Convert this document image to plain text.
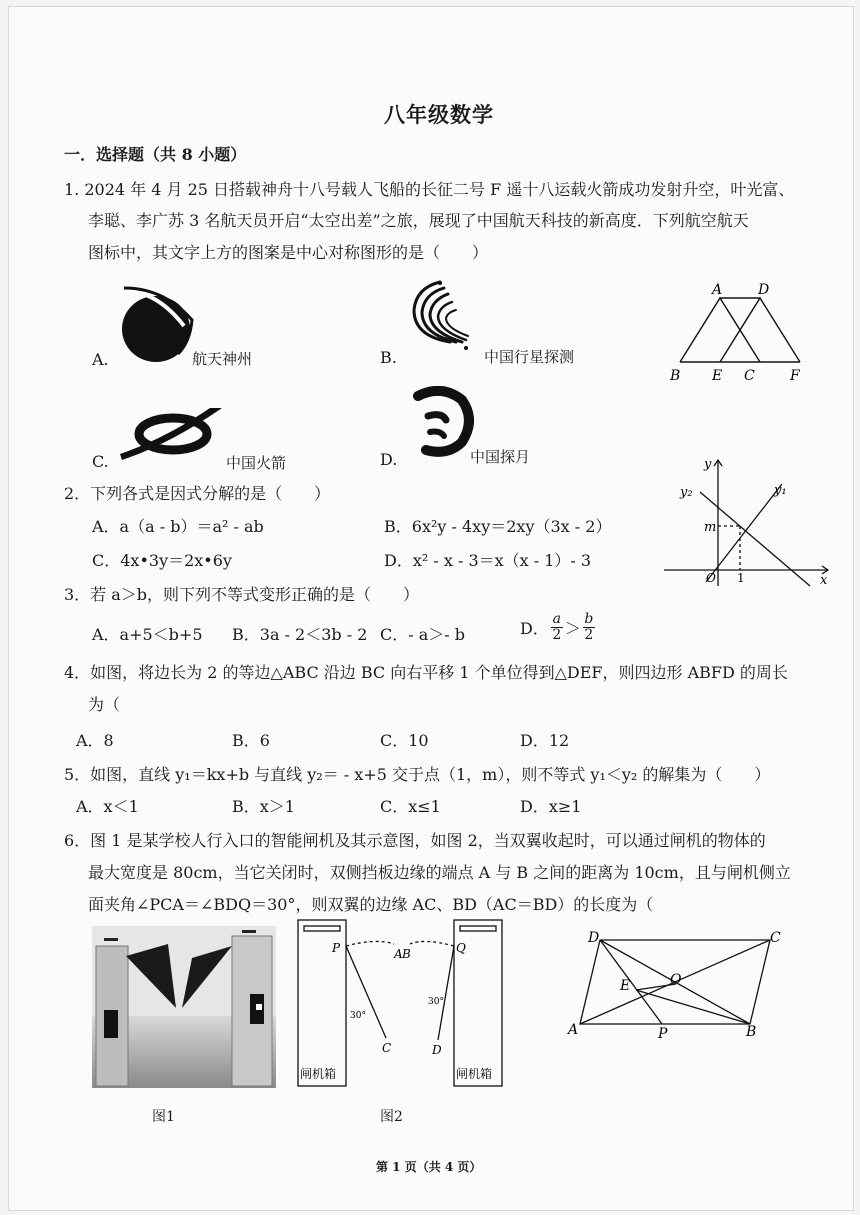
八年级数学
一．选择题（共 8 小题）
1. 2024 年 4 月 25 日搭载神舟十八号载人飞船的长征二号 F 遥十八运载火箭成功发射升空，叶光富、
李聪、李广苏 3 名航天员开启“太空出差”之旅，展现了中国航天科技的新高度．下列航空航天
图标中，其文字上方的图案是中心对称图形的是（　　）
A.	航天神州	B.	中国行星探测
C.	中国火箭	D.	中国探月
A	D
B E C	F
2．下列各式是因式分解的是（　　）
A．a（a - b）＝a² - ab	B．6x²y - 4xy＝2xy（3x - 2）
C．4x•3y＝2x•6y	D．x² - x - 3＝x（x - 1）- 3
y
x
y₂	y₁
m
O 1
3．若 a＞b，则下列不等式变形正确的是（　　）
A．a+5＜b+5 B．3a - 2＜3b - 2 C．- a＞- b	D． $\frac{a}{2} > \frac{b}{2}$
4．如图，将边长为 2 的等边△ABC 沿边 BC 向右平移 1 个单位得到△DEF，则四边形 ABFD 的周长
为（
A．8	B．6	C．10	D．12
5．如图，直线 y₁＝kx+b 与直线 y₂＝ - x+5 交于点（1，m），则不等式 y₁＜y₂ 的解集为（　　）
A．x＜1	B．x＞1	C．x≤1	D．x≥1
6．图 1 是某学校人行入口的智能闸机及其示意图，如图 2，当双翼收起时，可以通过闸机的物体的
最大宽度是 80cm，当它关闭时，双侧挡板边缘的端点 A 与 B 之间的距离为 10cm，且与闸机侧立
面夹角∠PCA＝∠BDQ＝30°，则双翼的边缘 AC、BD（AC＝BD）的长度为（
图1
P	Q
A B
C	D
30°
30°
闸机箱	闸机箱
图2
D	C
O
E
A	P	B
第 1 页（共 4 页）
